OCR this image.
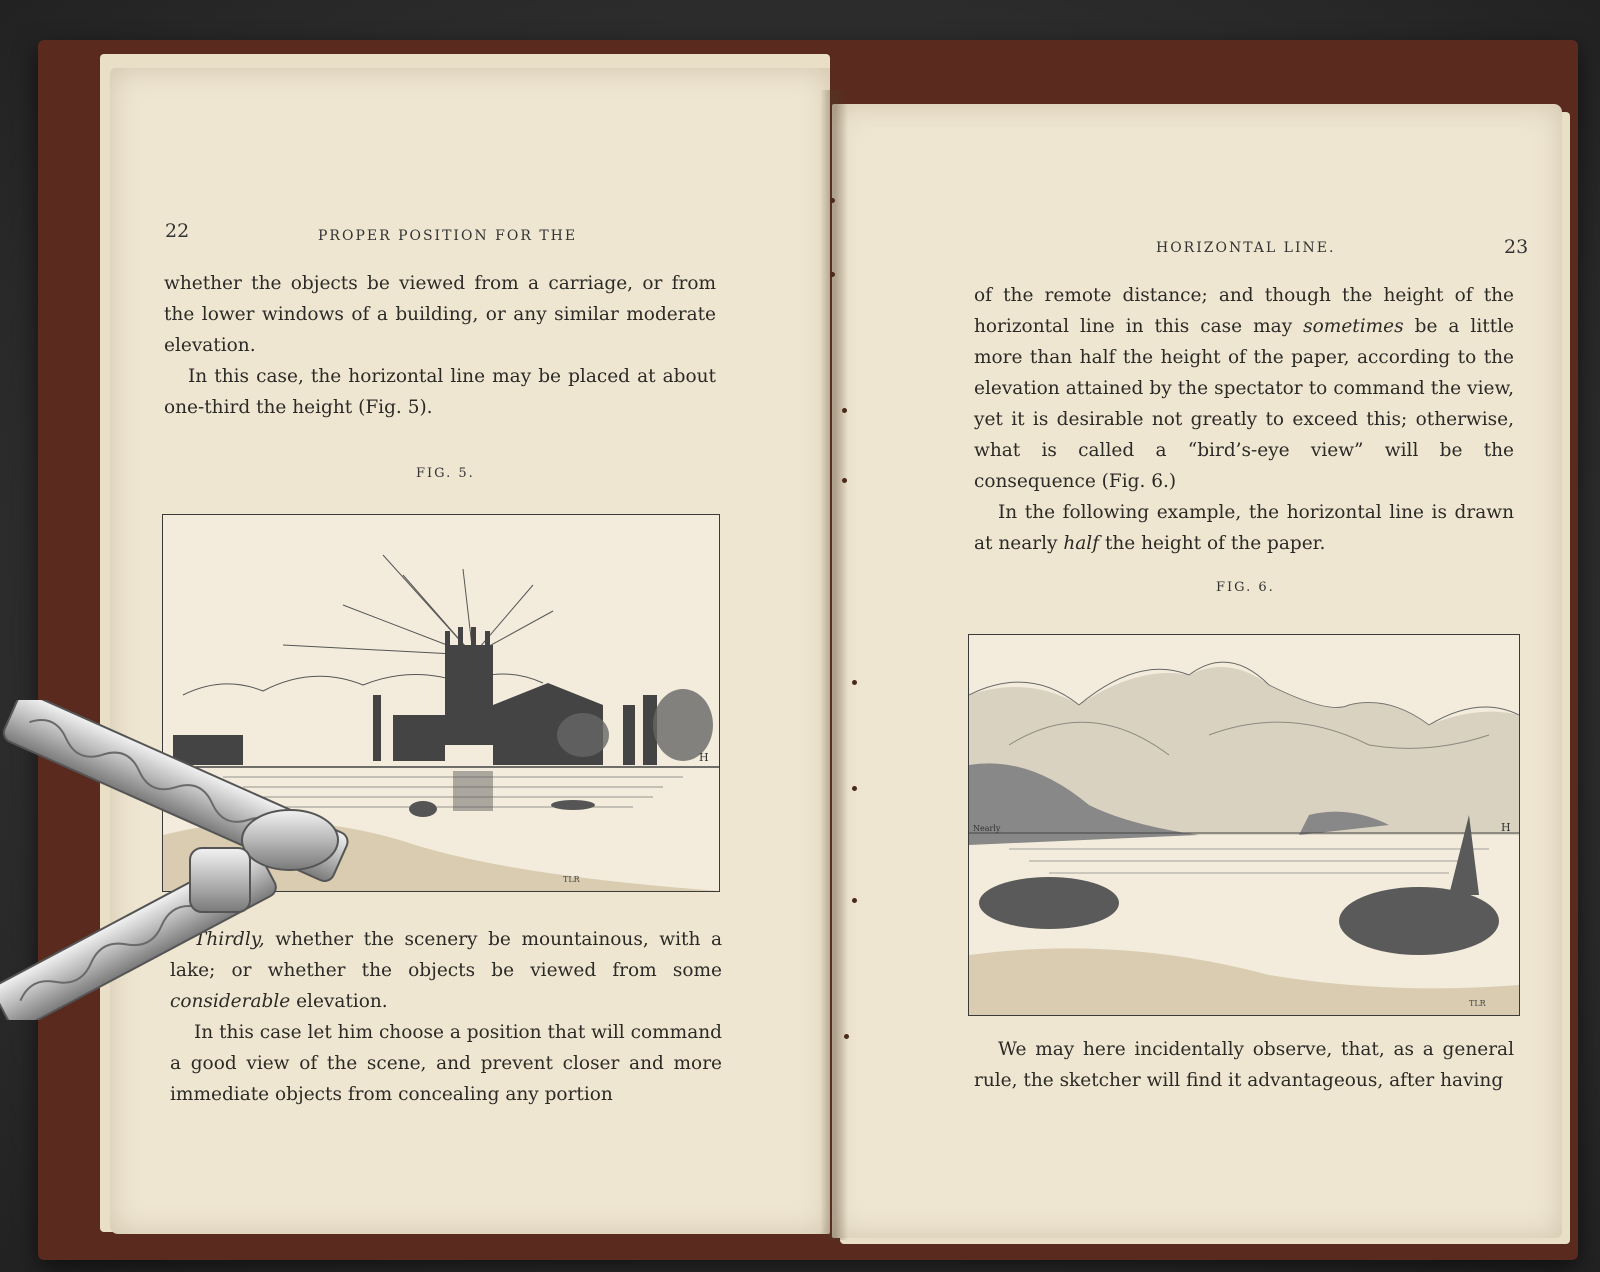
22	PROPER POSITION FOR THE

whether the objects be viewed from a carriage, or from the lower windows of a building, or any similar moderate elevation.

In this case, the horizontal line may be placed at about one-third the height (Fig. 5).

FIG. 5.
H
TLR

Thirdly, whether the scenery be mountainous, with a lake; or whether the objects be viewed from some considerable elevation.

In this case let him choose a position that will command a good view of the scene, and prevent closer and more immediate objects from concealing any portion

HORIZONTAL LINE.	23

of the remote distance; and though the height of the horizontal line in this case may sometimes be a little more than half the height of the paper, according to the elevation attained by the spectator to command the view, yet it is desirable not greatly to exceed this; otherwise, what is called a “bird’s-eye view” will be the consequence (Fig. 6.)

In the following example, the horizontal line is drawn at nearly half the height of the paper.

FIG. 6.
Nearly	H
TLR

We may here incidentally observe, that, as a general rule, the sketcher will find it advantageous, after having
